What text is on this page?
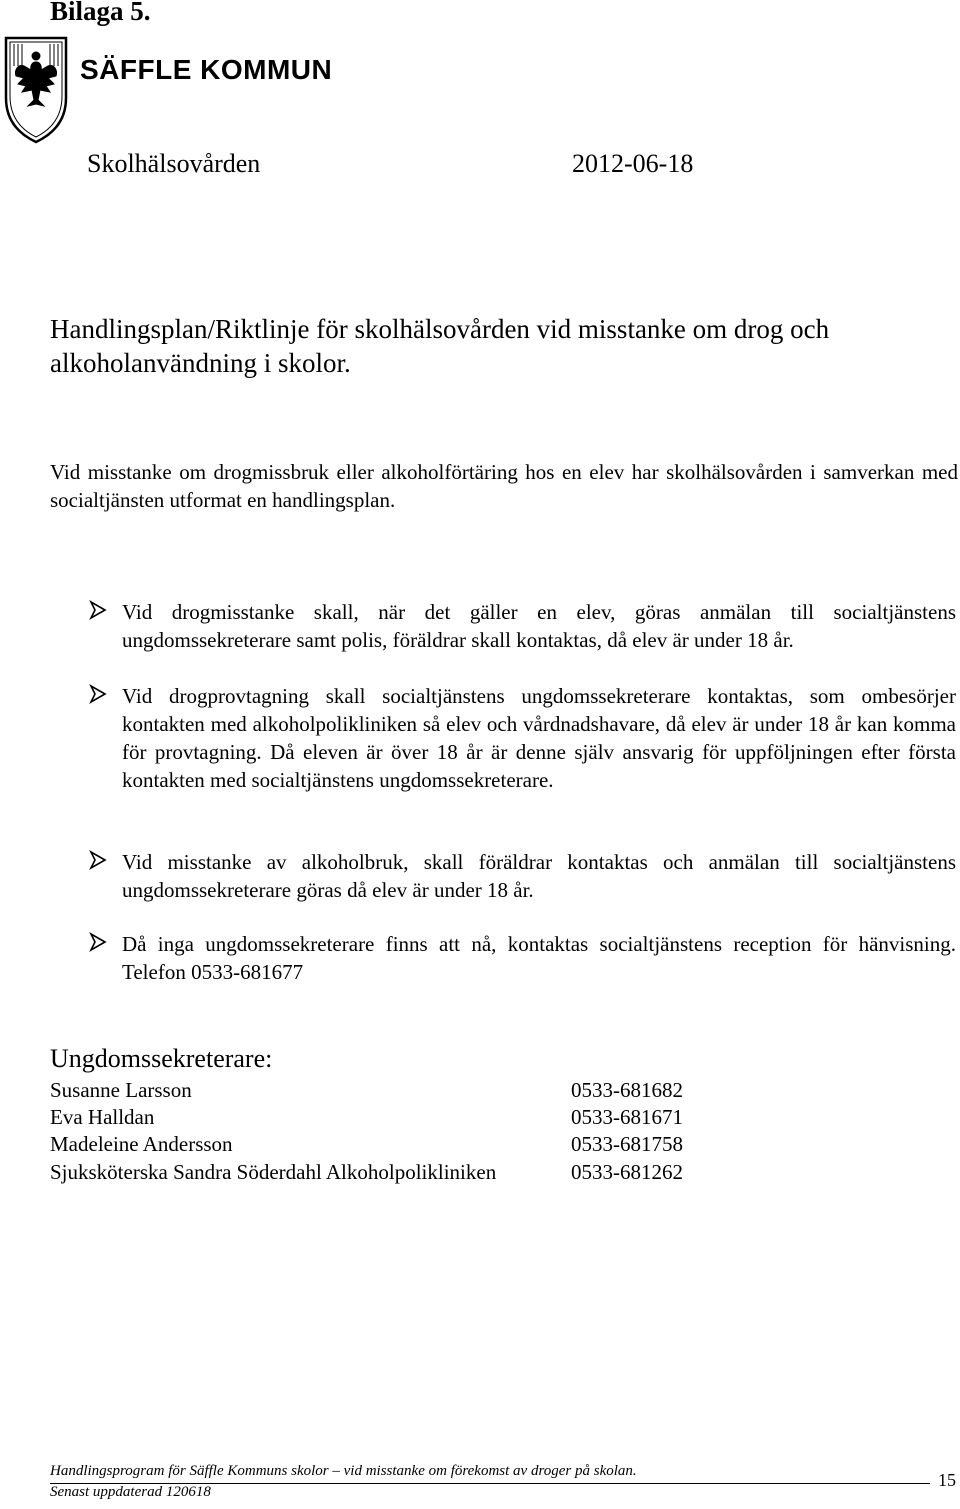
Bilaga 5.
SÄFFLE KOMMUN
Skolhälsovården	2012-06-18
Handlingsplan/Riktlinje för skolhälsovården vid misstanke om drog och alkoholanvändning i skolor.
Vid misstanke om drogmissbruk eller alkoholförtäring hos en elev har skolhälsovården i samverkan med socialtjänsten utformat en handlingsplan.
Vid drogmisstanke skall, när det gäller en elev, göras anmälan till socialtjänstens ungdomssekreterare samt polis, föräldrar skall kontaktas, då elev är under 18 år.
Vid drogprovtagning skall socialtjänstens ungdomssekreterare kontaktas, som ombesörjer kontakten med alkoholpolikliniken så elev och vårdnadshavare, då elev är under 18 år kan komma för provtagning. Då eleven är över 18 år är denne själv ansvarig för uppföljningen efter första kontakten med socialtjänstens ungdomssekreterare.
Vid misstanke av alkoholbruk, skall föräldrar kontaktas och anmälan till socialtjänstens ungdomssekreterare göras då elev är under 18 år.
Då inga ungdomssekreterare finns att nå, kontaktas socialtjänstens reception för hänvisning. Telefon 0533-681677
Ungdomssekreterare:
Susanne Larsson	0533-681682
Eva Halldan	0533-681671
Madeleine Andersson	0533-681758
Sjuksköterska Sandra Söderdahl Alkoholpolikliniken	0533-681262
Handlingsprogram för Säffle Kommuns skolor – vid misstanke om förekomst av droger på skolan.
Senast uppdaterad 120618
15
